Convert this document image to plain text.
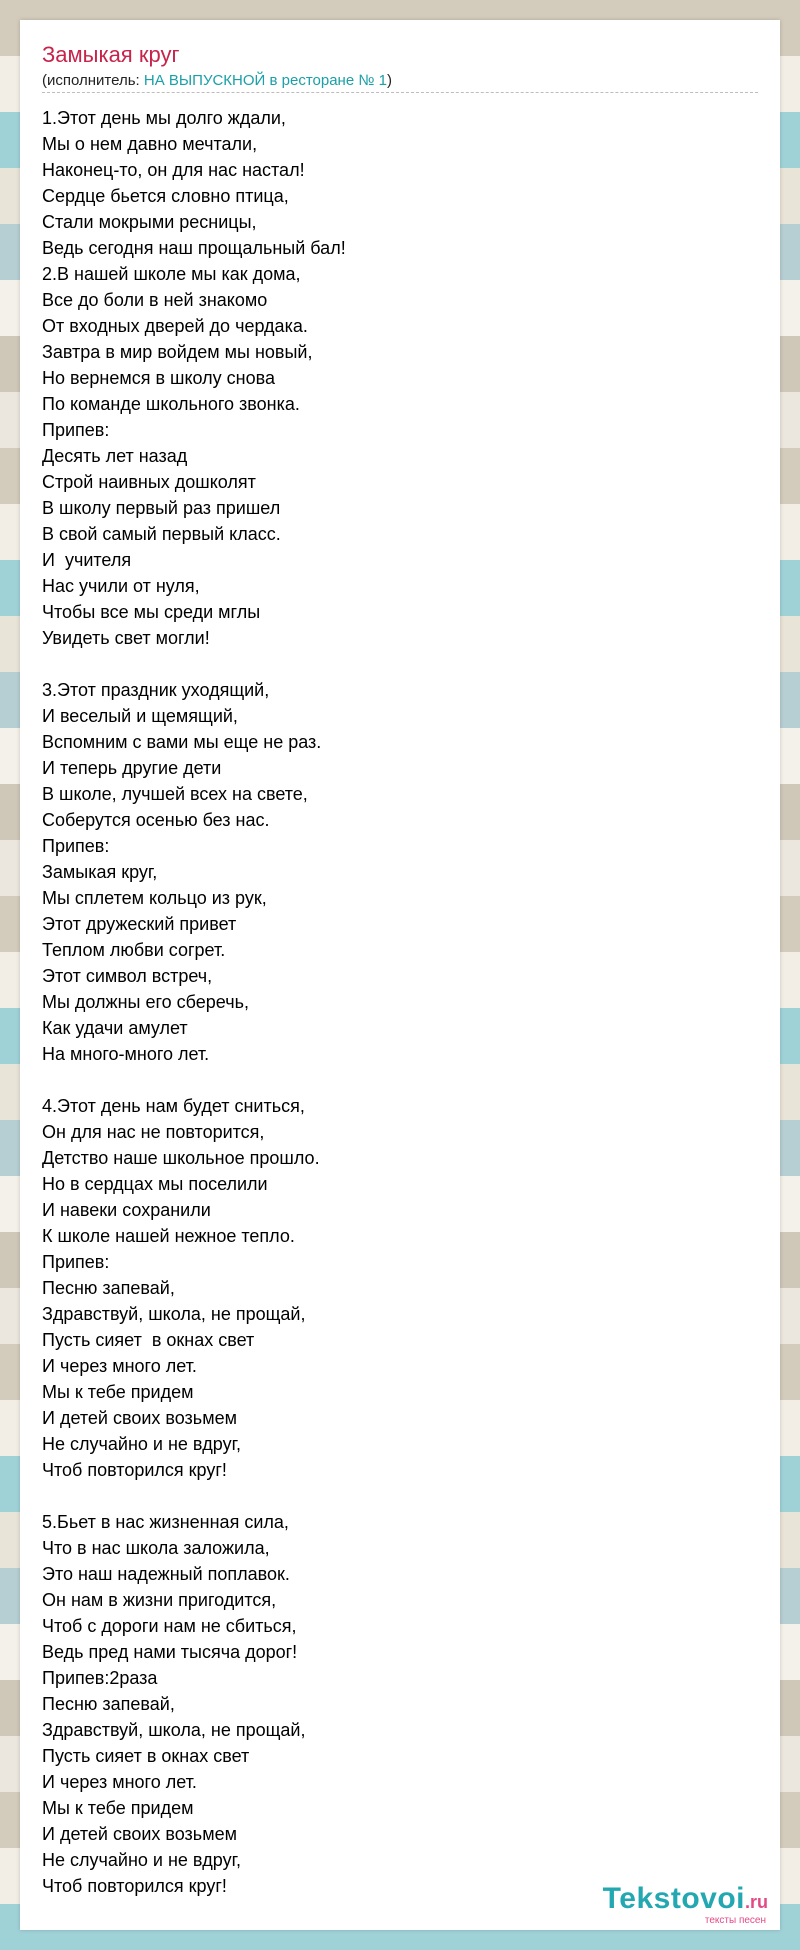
Замыкая круг
(исполнитель: НА ВЫПУСКНОЙ в ресторане № 1)
1.Этот день мы долго ждали,
Мы о нем давно мечтали,
Наконец-то, он для нас настал!
Сердце бьется словно птица,
Стали мокрыми ресницы,
Ведь сегодня наш прощальный бал!
2.В нашей школе мы как дома,
Все до боли в ней знакомо
От входных дверей до чердака.
Завтра в мир войдем мы новый,
Но вернемся в школу снова
По команде школьного звонка.
Припев:
Десять лет назад
Строй наивных дошколят
В школу первый раз пришел
В свой самый первый класс.
И  учителя
Нас учили от нуля,
Чтобы все мы среди мглы
Увидеть свет могли!

3.Этот праздник уходящий,
И веселый и щемящий,
Вспомним с вами мы еще не раз.
И теперь другие дети
В школе, лучшей всех на свете,
Соберутся осенью без нас.
Припев:
Замыкая круг,
Мы сплетем кольцо из рук,
Этот дружеский привет
Теплом любви согрет.
Этот символ встреч,
Мы должны его сберечь,
Как удачи амулет
На много-много лет.

4.Этот день нам будет сниться,
Он для нас не повторится,
Детство наше школьное прошло.
Но в сердцах мы поселили
И навеки сохранили
К школе нашей нежное тепло.
Припев:
Песню запевай,
Здравствуй, школа, не прощай,
Пусть сияет  в окнах свет
И через много лет.
Мы к тебе придем
И детей своих возьмем
Не случайно и не вдруг,
Чтоб повторился круг!

5.Бьет в нас жизненная сила,
Что в нас школа заложила,
Это наш надежный поплавок.
Он нам в жизни пригодится,
Чтоб с дороги нам не сбиться,
Ведь пред нами тысяча дорог!
Припев:2раза
Песню запевай,
Здравствуй, школа, не прощай,
Пусть сияет в окнах свет
И через много лет.
Мы к тебе придем
И детей своих возьмем
Не случайно и не вдруг,
Чтоб повторился круг!	Tekstovoi.ru
тексты песен
